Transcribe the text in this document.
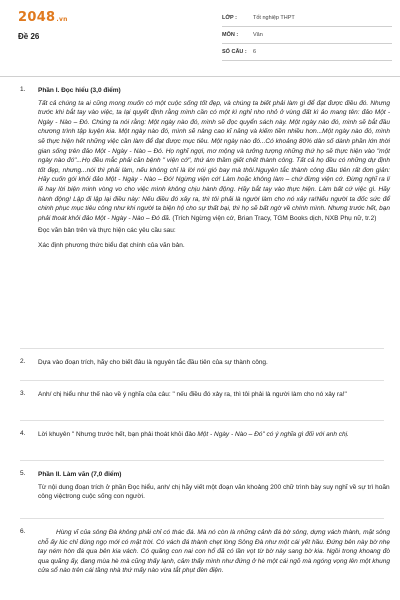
2048.vn
Đề 26
LỚP :	Tốt nghiệp THPT
MÔN :	Văn
SỐ CÂU :	6
1. Phần I. Đọc hiểu (3,0 điểm)
Tất cả chúng ta ai cũng mong muốn có một cuộc sống tốt đẹp, và chúng ta biết phải làm gì để đạt được điều đó. Nhưng trước khi bắt tay vào việc, ta lại quyết định rằng mình cần có một kì nghỉ nho nhỏ ở vùng đất kì ảo mang tên: đảo Một - Ngày - Nào – Đó. Chúng ta nói rằng: Một ngày nào đó, mình sẽ đọc quyển sách này. Một ngày nào đó, mình sẽ bắt đầu chương trình tập luyện kia. Một ngày nào đó, mình sẽ nâng cao kĩ năng và kiếm tiền nhiều hơn...Một ngày nào đó, mình sẽ thực hiện hết những việc cần làm để đạt được mục tiêu. Một ngày nào đó...Có khoảng 80% dân số dành phần lớn thời gian sống trên đảo Một - Ngày - Nào – Đó. Họ nghĩ ngợi, mơ mộng và tưởng tượng những thứ họ sẽ thực hiện vào "một ngày nào đó"...Họ đều mắc phải căn bệnh " viện cớ", thứ ám thầm giết chết thành công. Tất cả họ đều có những dự định tốt đẹp, nhưng...nói thì phải làm, nếu không chỉ là lời nói gió bay mà thôi.Nguyên tắc thành công đầu tiên rất đơn giản: Hãy cuốn gói khỏi đảo Một - Ngày - Nào – Đó! Ngừng viện cớ! Làm hoặc không làm – chứ đừng viện cớ. Đừng nghĩ ra lí lẽ hay lời biện minh vòng vo cho việc mình không chịu hành động. Hãy bắt tay vào thực hiện. Làm bất cứ việc gì. Hãy hành động! Lập đi lập lại điều này: Nếu điều đó xảy ra, thì tôi phải là người làm cho nó xảy ra!Nếu người ta đốc sức để chinh phục mục tiêu công như khi người ta biện hộ cho sự thất bại, thì họ sẽ bất ngờ về chính mình. Nhưng trước hết, bạn phải thoát khỏi đảo Một - Ngày - Nào – Đó đã. (Trích Ngừng viện cớ, Brian Tracy, TGM Books dịch, NXB Phụ nữ, tr.2)
Đọc văn bản trên và thực hiện các yêu cầu sau:
Xác định phương thức biểu đạt chính của văn bản.
2. Dựa vào đoạn trích, hãy cho biết đâu là nguyên tắc đầu tiên của sự thành công.
3. Anh/ chị hiểu như thế nào về ý nghĩa của câu: " nếu điều đó xảy ra, thì tôi phải là người làm cho nó xảy ra!"
4. Lời khuyên " Nhưng trước hết, bạn phải thoát khỏi đảo Một - Ngày - Nào – Đó" có ý nghĩa gì đối với anh chị.
5. Phần II. Làm văn (7,0 điểm)
Từ nội dung đoạn trích ở phần Đọc hiểu, anh/ chị hãy viết một đoạn văn khoảng 200 chữ trình bày suy nghĩ về sự trì hoãn công việctrong cuộc sống con người.
6.	Hùng vĩ của sông Đà không phải chỉ có thác đá. Mà nó còn là những cảnh đá bờ sông, dựng vách thành, mặt sông chỗ ấy lúc chỉ đúng ngọ mới có mặt trời. Có vách đá thành chẹt lòng Sông Đà như một cái yết hầu. Đứng bên này bờ nhẹ tay ném hòn đá qua bên kia vách. Có quãng con nai con hổ đã có lần vọt từ bờ này sang bờ kia. Ngồi trong khoang đò qua quãng ấy, đang mùa hè mà cũng thấy lạnh, cảm thấy mình như đứng ở hè một cái ngõ mà ngóng vọng lên một khung cửa sổ nào trên cái tầng nhà thứ mấy nào vừa tắt phụt đèn điện.
